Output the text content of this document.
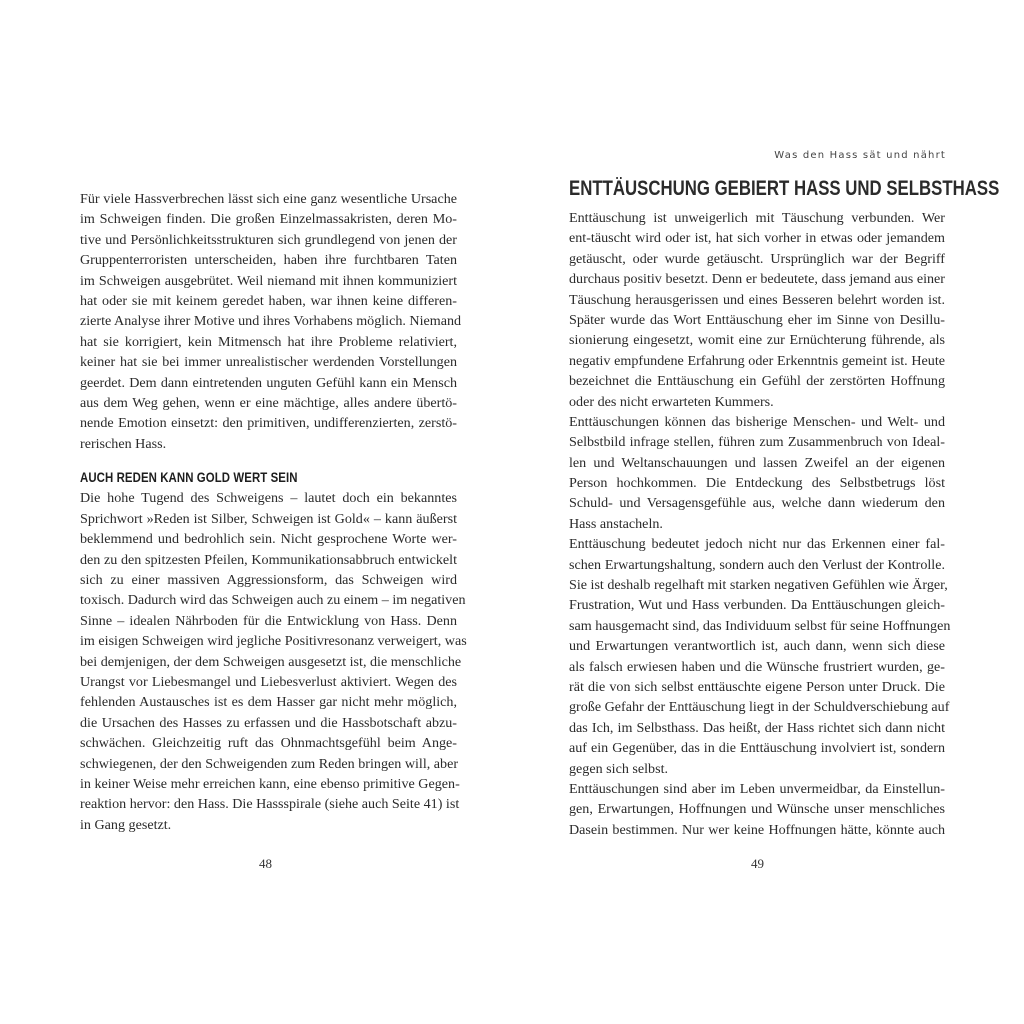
Für viele Hassverbrechen lässt sich eine ganz wesentliche Ursache
im Schweigen finden. Die großen Einzelmassakristen, deren Mo-
tive und Persönlichkeitsstrukturen sich grundlegend von jenen der
Gruppenterroristen unterscheiden, haben ihre furchtbaren Taten
im Schweigen ausgebrütet. Weil niemand mit ihnen kommuniziert
hat oder sie mit keinem geredet haben, war ihnen keine differen-
zierte Analyse ihrer Motive und ihres Vorhabens möglich. Niemand
hat sie korrigiert, kein Mitmensch hat ihre Probleme relativiert,
keiner hat sie bei immer unrealistischer werdenden Vorstellungen
geerdet. Dem dann eintretenden unguten Gefühl kann ein Mensch
aus dem Weg gehen, wenn er eine mächtige, alles andere übertö-
nende Emotion einsetzt: den primitiven, undifferenzierten, zerstö-
rerischen Hass.
AUCH REDEN KANN GOLD WERT SEIN
Die hohe Tugend des Schweigens – lautet doch ein bekanntes
Sprichwort »Reden ist Silber, Schweigen ist Gold« – kann äußerst
beklemmend und bedrohlich sein. Nicht gesprochene Worte wer-
den zu den spitzesten Pfeilen, Kommunikationsabbruch entwickelt
sich zu einer massiven Aggressionsform, das Schweigen wird
toxisch. Dadurch wird das Schweigen auch zu einem – im negativen
Sinne – idealen Nährboden für die Entwicklung von Hass. Denn
im eisigen Schweigen wird jegliche Positivresonanz verweigert, was
bei demjenigen, der dem Schweigen ausgesetzt ist, die menschliche
Urangst vor Liebesmangel und Liebesverlust aktiviert. Wegen des
fehlenden Austausches ist es dem Hasser gar nicht mehr möglich,
die Ursachen des Hasses zu erfassen und die Hassbotschaft abzu-
schwächen. Gleichzeitig ruft das Ohnmachtsgefühl beim Ange-
schwiegenen, der den Schweigenden zum Reden bringen will, aber
in keiner Weise mehr erreichen kann, eine ebenso primitive Gegen-
reaktion hervor: den Hass. Die Hassspirale (siehe auch Seite 41) ist
in Gang gesetzt.
48
Was den Hass sät und nährt
ENTTÄUSCHUNG GEBIERT HASS UND SELBSTHASS
Enttäuschung ist unweigerlich mit Täuschung verbunden. Wer
ent-täuscht wird oder ist, hat sich vorher in etwas oder jemandem
getäuscht, oder wurde getäuscht. Ursprünglich war der Begriff
durchaus positiv besetzt. Denn er bedeutete, dass jemand aus einer
Täuschung herausgerissen und eines Besseren belehrt worden ist.
Später wurde das Wort Enttäuschung eher im Sinne von Desillu-
sionierung eingesetzt, womit eine zur Ernüchterung führende, als
negativ empfundene Erfahrung oder Erkenntnis gemeint ist. Heute
bezeichnet die Enttäuschung ein Gefühl der zerstörten Hoffnung
oder des nicht erwarteten Kummers.
Enttäuschungen können das bisherige Menschen- und Welt- und
Selbstbild infrage stellen, führen zum Zusammenbruch von Ideal-
len und Weltanschauungen und lassen Zweifel an der eigenen
Person hochkommen. Die Entdeckung des Selbstbetrugs löst
Schuld- und Versagensgefühle aus, welche dann wiederum den
Hass anstacheln.
Enttäuschung bedeutet jedoch nicht nur das Erkennen einer fal-
schen Erwartungshaltung, sondern auch den Verlust der Kontrolle.
Sie ist deshalb regelhaft mit starken negativen Gefühlen wie Ärger,
Frustration, Wut und Hass verbunden. Da Enttäuschungen gleich-
sam hausgemacht sind, das Individuum selbst für seine Hoffnungen
und Erwartungen verantwortlich ist, auch dann, wenn sich diese
als falsch erwiesen haben und die Wünsche frustriert wurden, ge-
rät die von sich selbst enttäuschte eigene Person unter Druck. Die
große Gefahr der Enttäuschung liegt in der Schuldverschiebung auf
das Ich, im Selbsthass. Das heißt, der Hass richtet sich dann nicht
auf ein Gegenüber, das in die Enttäuschung involviert ist, sondern
gegen sich selbst.
Enttäuschungen sind aber im Leben unvermeidbar, da Einstellun-
gen, Erwartungen, Hoffnungen und Wünsche unser menschliches
Dasein bestimmen. Nur wer keine Hoffnungen hätte, könnte auch
49
